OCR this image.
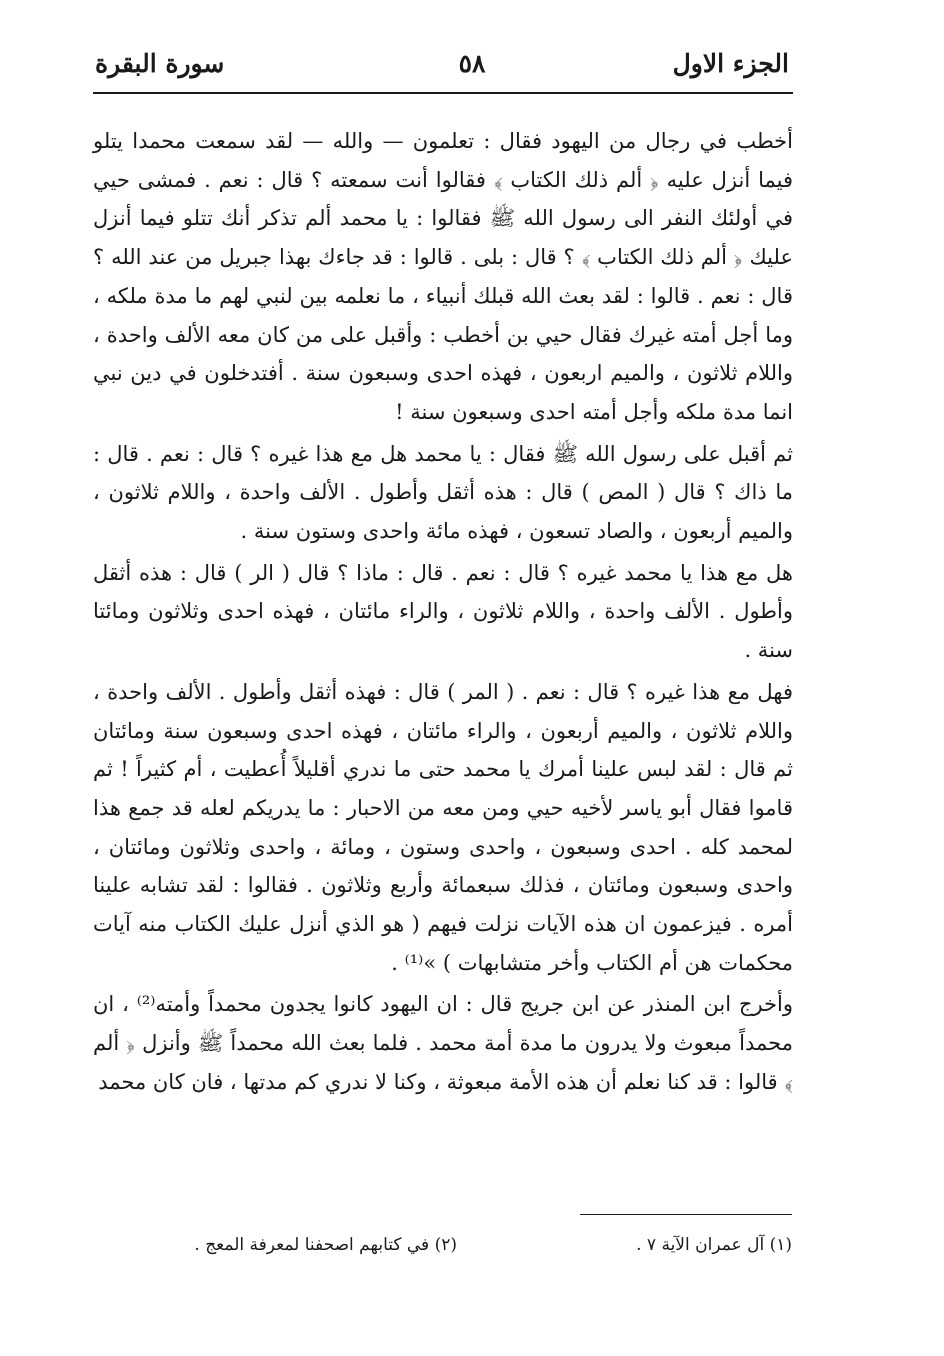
الجزء الاول
٥٨
سورة البقرة

أخطب في رجال من اليهود فقال : تعلمون — والله — لقد سمعت محمدا يتلو فيما أنزل عليه ﴿ ألم ذلك الكتاب ﴾ فقالوا أنت سمعته ؟ قال : نعم . فمشى حيي في أولئك النفر الى رسول الله ﷺ فقالوا : يا محمد ألم تذكر أنك تتلو فيما أنزل عليك ﴿ ألم ذلك الكتاب ﴾ ؟ قال : بلى . قالوا : قد جاءك بهذا جبريل من عند الله ؟ قال : نعم . قالوا : لقد بعث الله قبلك أنبياء ، ما نعلمه بين لنبي لهم ما مدة ملكه ، وما أجل أمته غيرك فقال حيي بن أخطب : وأقبل على من كان معه الألف واحدة ، واللام ثلاثون ، والميم اربعون ، فهذه احدى وسبعون سنة . أفتدخلون في دين نبي انما مدة ملكه وأجل أمته احدى وسبعون سنة !

ثم أقبل على رسول الله ﷺ فقال : يا محمد هل مع هذا غيره ؟ قال : نعم . قال : ما ذاك ؟ قال ( المص ) قال : هذه أثقل وأطول . الألف واحدة ، واللام ثلاثون ، والميم أربعون ، والصاد تسعون ، فهذه مائة واحدى وستون سنة .

هل مع هذا يا محمد غيره ؟ قال : نعم . قال : ماذا ؟ قال ( الر ) قال : هذه أثقل وأطول . الألف واحدة ، واللام ثلاثون ، والراء مائتان ، فهذه احدى وثلاثون ومائتا سنة .

فهل مع هذا غيره ؟ قال : نعم . ( المر ) قال : فهذه أثقل وأطول . الألف واحدة ، واللام ثلاثون ، والميم أربعون ، والراء مائتان ، فهذه احدى وسبعون سنة ومائتان ثم قال : لقد لبس علينا أمرك يا محمد حتى ما ندري أقليلاً أُعطيت ، أم كثيراً ! ثم قاموا فقال أبو ياسر لأخيه حيي ومن معه من الاحبار : ما يدريكم لعله قد جمع هذا لمحمد كله . احدى وسبعون ، واحدى وستون ، ومائة ، واحدى وثلاثون ومائتان ، واحدى وسبعون ومائتان ، فذلك سبعمائة وأربع وثلاثون . فقالوا : لقد تشابه علينا أمره . فيزعمون ان هذه الآيات نزلت فيهم ( هو الذي أنزل عليك الكتاب منه آيات محكمات هن أم الكتاب وأخر متشابهات ) »⁽¹⁾ .

وأخرج ابن المنذر عن ابن جريج قال : ان اليهود كانوا يجدون محمداً وأمته⁽²⁾ ، ان محمداً مبعوث ولا يدرون ما مدة أمة محمد . فلما بعث الله محمداً ﷺ وأنزل ﴿ ألم ﴾ قالوا : قد كنا نعلم أن هذه الأمة مبعوثة ، وكنا لا ندري كم مدتها ، فان كان محمد

(١) آل عمران الآية ٧ .
(٢) في كتابهم اصحفنا لمعرفة المعج .
